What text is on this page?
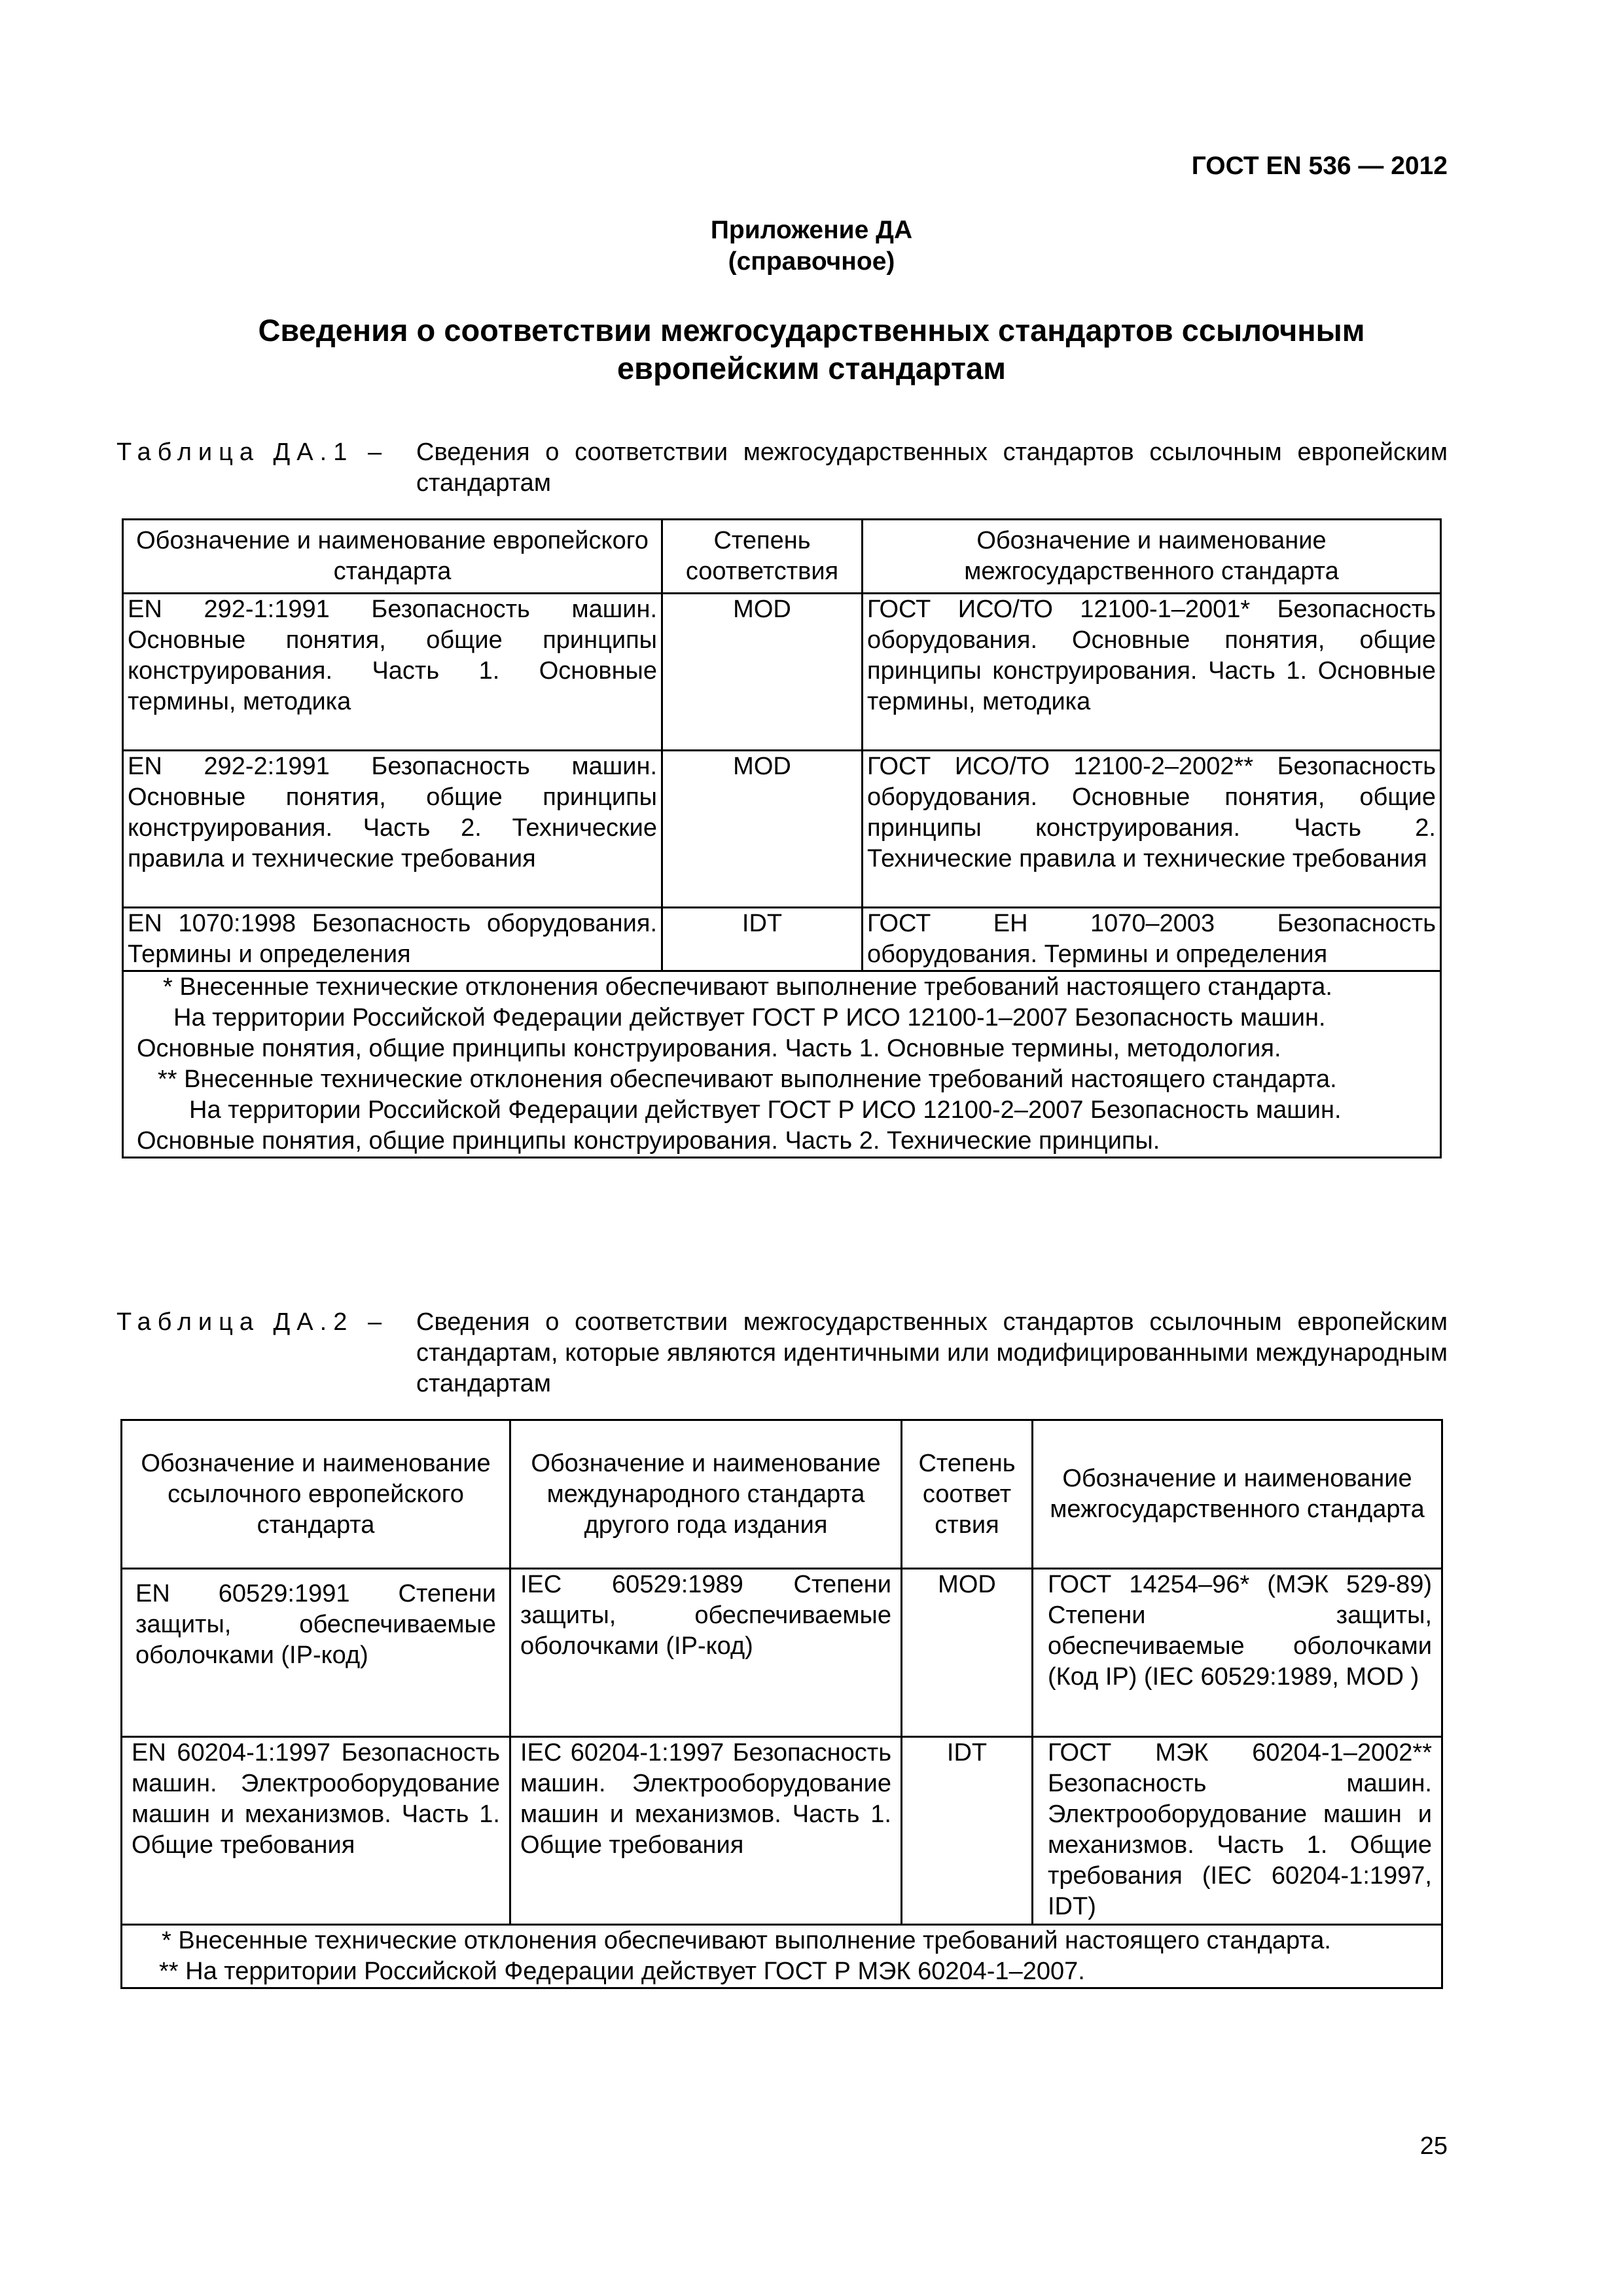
ГОСТ EN 536 — 2012
Приложение ДА
(справочное)
Сведения о соответствии межгосударственных стандартов ссылочным
европейским стандартам
Таблица ДА.1 – Сведения о соответствии межгосударственных стандартов ссылочным европейским стандартам
Обозначение и наименование европейского стандарта	Степень соответствия	Обозначение и наименование межгосударственного стандарта
EN 292-1:1991 Безопасность машин. Основные понятия, общие принципы конструирования. Часть 1. Основные термины, методика	MOD	ГОСТ ИСО/ТО 12100-1–2001* Безопасность оборудования. Основные понятия, общие принципы конструирования. Часть 1. Основные термины, методика
EN 292-2:1991 Безопасность машин. Основные понятия, общие принципы конструирования. Часть 2. Технические правила и технические требования	MOD	ГОСТ ИСО/ТО 12100-2–2002** Безопасность оборудования. Основные понятия, общие принципы конструирования. Часть 2. Технические правила и технические требования
EN 1070:1998 Безопасность оборудования. Термины и определения	IDT	ГОСТ ЕН 1070–2003 Безопасность оборудования. Термины и определения

* Внесенные технические отклонения обеспечивают выполнение требований настоящего стандарта.

На территории Российской Федерации действует ГОСТ Р ИСО 12100-1–2007 Безопасность машин. Основные понятия, общие принципы конструирования. Часть 1. Основные термины, методология.

** Внесенные технические отклонения обеспечивают выполнение требований настоящего стандарта.

На территории Российской Федерации действует ГОСТ Р ИСО 12100-2–2007 Безопасность машин. Основные понятия, общие принципы конструирования. Часть 2. Технические принципы.		

Таблица ДА.2 – Сведения о соответствии межгосударственных стандартов ссылочным европейским стандартам, которые являются идентичными или модифицированными международным стандартам
Обозначение и наименование ссылочного европейского стандарта	Обозначение и наименование международного стандарта другого года издания	Степень соответ ствия	Обозначение и наименование межгосударственного стандарта
EN 60529:1991 Степени защиты, обеспечиваемые оболочками (IP-код)	IEC 60529:1989 Степени защиты, обеспечиваемые оболочками (IP-код)	MOD	ГОСТ 14254–96* (МЭК 529-89) Степени защиты, обеспечиваемые оболочками (Код IP) (IEC 60529:1989, MOD )
EN 60204-1:1997 Безопасность машин. Электрооборудование машин и механизмов. Часть 1. Общие требования	IEC 60204-1:1997 Безопасность машин. Электрооборудование машин и механизмов. Часть 1. Общие требования	IDT	ГОСТ МЭК 60204-1–2002** Безопасность машин. Электрооборудование машин и механизмов. Часть 1. Общие требования (IEC 60204-1:1997, IDT)

* Внесенные технические отклонения обеспечивают выполнение требований настоящего стандарта.

** На территории Российской Федерации действует ГОСТ Р МЭК 60204-1–2007.			

25
